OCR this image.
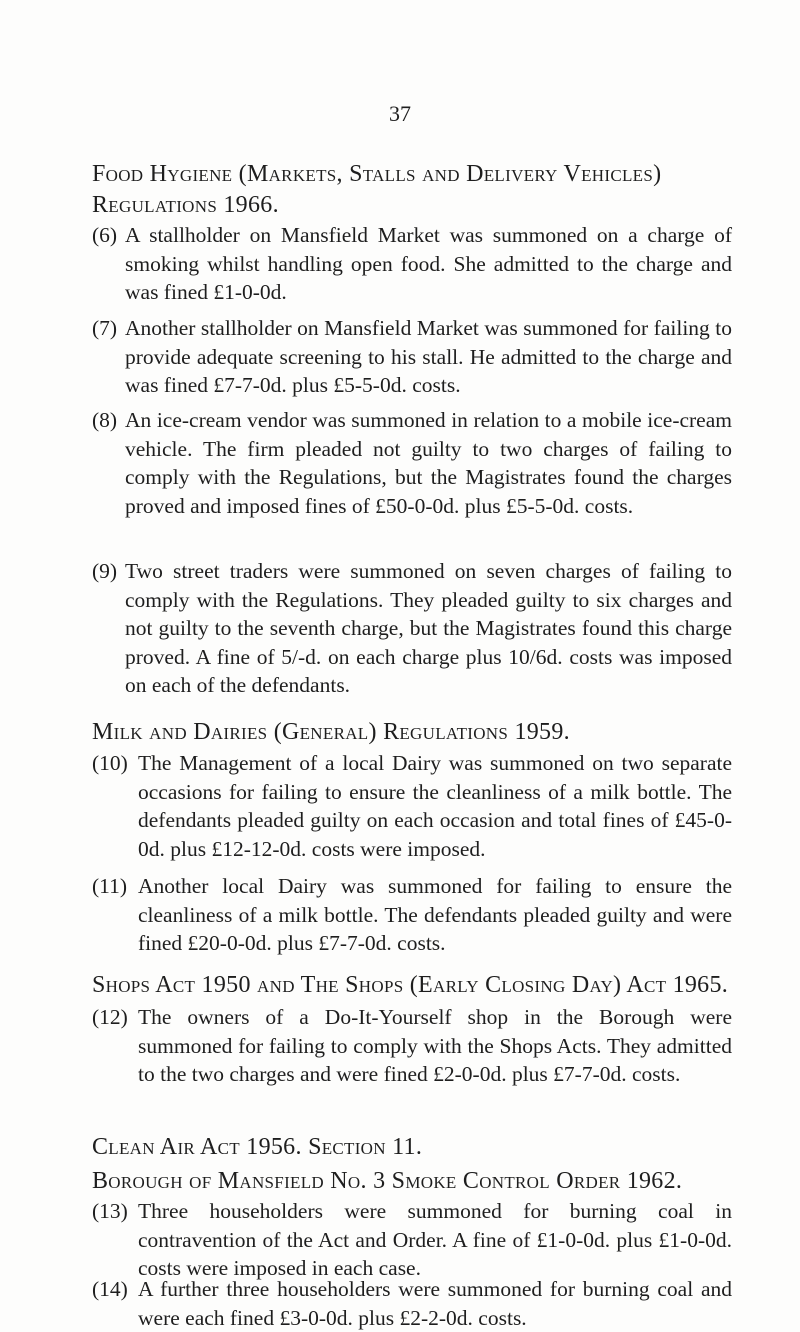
37
Food Hygiene (Markets, Stalls and Delivery Vehicles)
Regulations 1966.
(6) A stallholder on Mansfield Market was summoned on a charge of smoking whilst handling open food. She admitted to the charge and was fined £1-0-0d.
(7) Another stallholder on Mansfield Market was summoned for failing to provide adequate screening to his stall. He admitted to the charge and was fined £7-7-0d. plus £5-5-0d. costs.
(8) An ice-cream vendor was summoned in relation to a mobile ice-cream vehicle. The firm pleaded not guilty to two charges of failing to comply with the Regulations, but the Magistrates found the charges proved and imposed fines of £50-0-0d. plus £5-5-0d. costs.
(9) Two street traders were summoned on seven charges of failing to comply with the Regulations. They pleaded guilty to six charges and not guilty to the seventh charge, but the Magistrates found this charge proved. A fine of 5/-d. on each charge plus 10/6d. costs was imposed on each of the defendants.
Milk and Dairies (General) Regulations 1959.
(10) The Management of a local Dairy was summoned on two separate occasions for failing to ensure the cleanliness of a milk bottle. The defendants pleaded guilty on each occasion and total fines of £45-0-0d. plus £12-12-0d. costs were imposed.
(11) Another local Dairy was summoned for failing to ensure the cleanliness of a milk bottle. The defendants pleaded guilty and were fined £20-0-0d. plus £7-7-0d. costs.
Shops Act 1950 and The Shops (Early Closing Day) Act 1965.
(12) The owners of a Do-It-Yourself shop in the Borough were summoned for failing to comply with the Shops Acts. They admitted to the two charges and were fined £2-0-0d. plus £7-7-0d. costs.
Clean Air Act 1956. Section 11.
Borough of Mansfield No. 3 Smoke Control Order 1962.
(13) Three householders were summoned for burning coal in contravention of the Act and Order. A fine of £1-0-0d. plus £1-0-0d. costs were imposed in each case.
(14) A further three householders were summoned for burning coal and were each fined £3-0-0d. plus £2-2-0d. costs.
